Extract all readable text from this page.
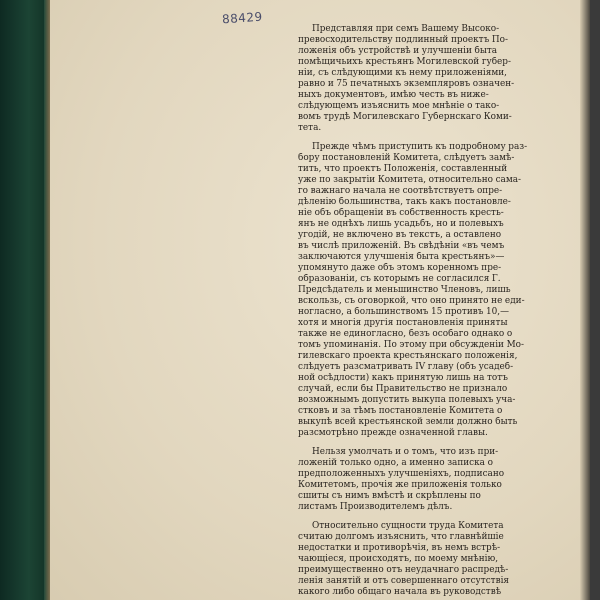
88429
Представляя при семъ Вашему Высоко-
превосходительству подлинный проектъ По-
ложенія объ устройствѣ и улучшеніи быта
помѣщичьихъ крестьянъ Могилевской губер-
ніи, съ слѣдующими къ нему приложеніями,
равно и 75 печатныхъ экземпляровъ означен-
ныхъ документовъ, имѣю честь въ ниже-
слѣдующемъ изъяснить мое мнѣніе о тако-
вомъ трудѣ Могилевскаго Губернскаго Коми-
тета.
Прежде чѣмъ приступить къ подробному раз-
бору постановленій Комитета, слѣдуетъ замѣ-
тить, что проектъ Положенія, составленный
уже по закрытіи Комитета, относительно сама-
го важнаго начала не соотвѣтствуетъ опре-
дѣленію большинства, такъ какъ постановле-
ніе объ обращеніи въ собственность кресть-
янъ не однѣхъ лишь усадьбъ, но и полевыхъ
угодій, не включено въ текстъ, а оставлено
въ числѣ приложеній. Въ свѣдѣніи «въ чемъ
заключаются улучшенія быта крестьянъ»—
упомянуто даже объ этомъ коренномъ пре-
образованіи, съ которымъ не согласился Г.
Предсѣдатель и меньшинство Членовъ, лишь
вскользь, съ оговоркой, что оно принято не еди-
ногласно, а большинствомъ 15 противъ 10,—
хотя и многія другія постановленія приняты
также не единогласно, безъ особаго однако о
томъ упоминанія. По этому при обсужденіи Мо-
гилевскаго проекта крестьянскаго положенія,
слѣдуетъ разсматривать IV главу (объ усадеб-
ной осѣдлости) какъ принятую лишь на тотъ
случай, если бы Правительство не признало
возможнымъ допустить выкупа полевыхъ уча-
стковъ и за тѣмъ постановленіе Комитета о
выкупѣ всей крестьянской земли должно быть
разсмотрѣно прежде означенной главы.
Нельзя умолчать и о томъ, что изъ при-
ложеній только одно, а именно записка о
предположенныхъ улучшеніяхъ, подписано
Комитетомъ, прочія же приложенія только
сшиты съ нимъ вмѣстѣ и скрѣплены по
листамъ Производителемъ дѣлъ.
Относительно сущности труда Комитета
считаю долгомъ изъяснить, что главнѣйшіе
недостатки и противорѣчія, въ немъ встрѣ-
чающіеся, происходятъ, по моему мнѣнію,
преимущественно отъ неудачнаго распредѣ-
ленія занятій и отъ совершеннаго отсутствія
какого либо общаго начала въ руководствѣ
